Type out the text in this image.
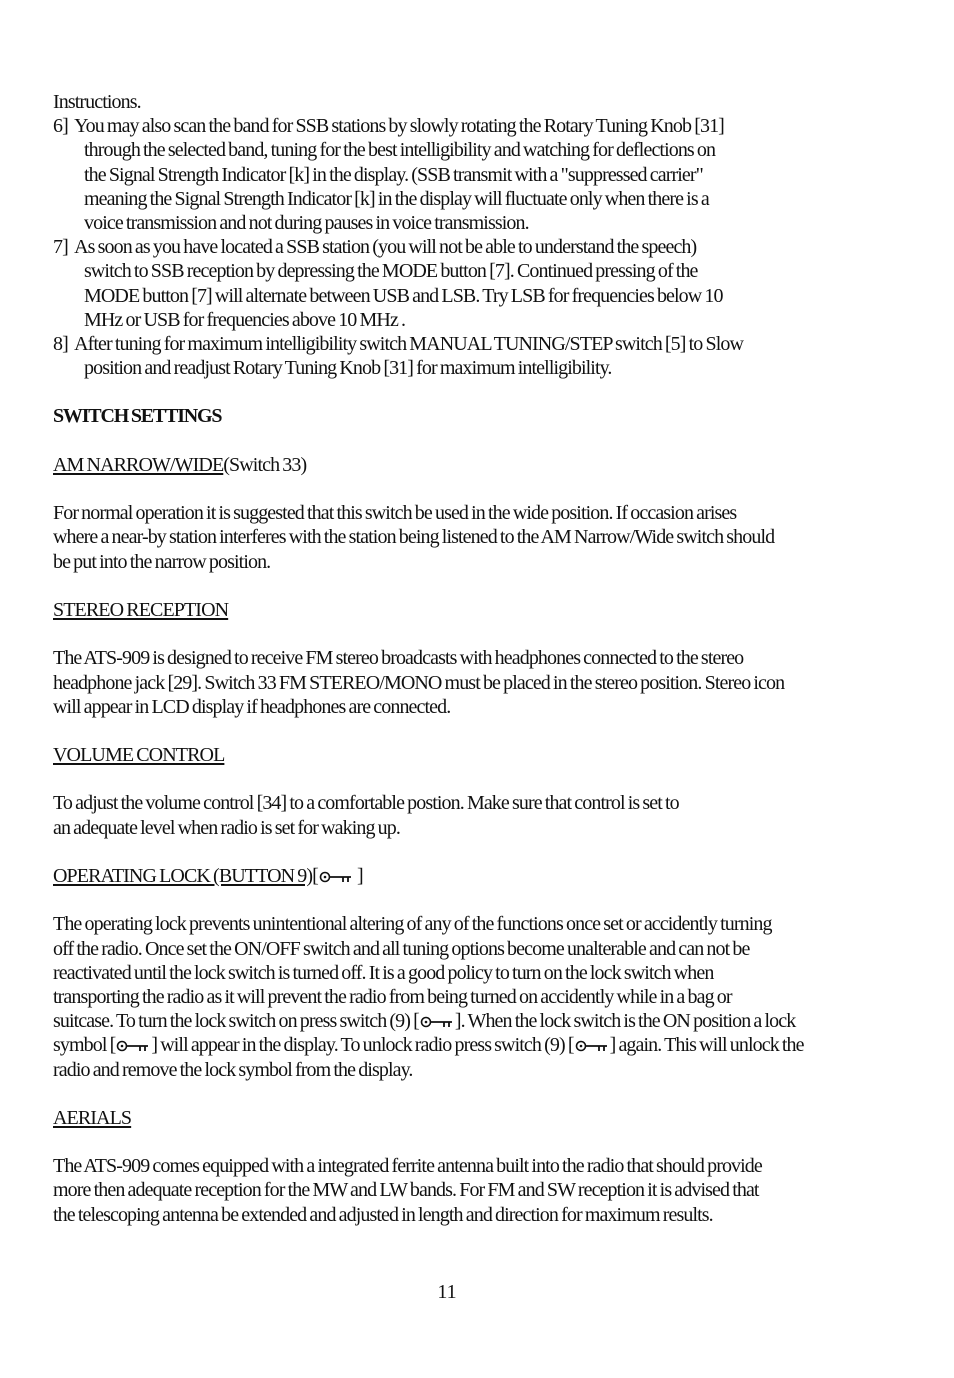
Instructions.
6] You may also scan the band for SSB stations by slowly rotating the Rotary Tuning Knob [31]
through the selected band, tuning for the best intelligibility and watching for deflections on
the Signal Strength Indicator [k] in the display. (SSB transmit with a "suppressed carrier"
meaning the Signal Strength Indicator [k] in the display will fluctuate only when there is a
voice transmission and not during pauses in voice transmission.
7] As soon as you have located a SSB station (you will not be able to understand the speech)
switch to SSB reception by depressing the MODE button [7]. Continued pressing of the
MODE button [7] will alternate between USB and LSB. Try LSB for frequencies below 10
MHz or USB for frequencies above 10 MHz .
8] After tuning for maximum intelligibility switch MANUAL TUNING/STEP switch [5] to Slow
position and readjust Rotary Tuning Knob [31] for maximum intelligibility.
SWITCH SETTINGS
AM NARROW/WIDE(Switch 33)
For normal operation it is suggested that this switch be used in the wide position. If occasion arises
where a near-by station interferes with the station being listened to the AM Narrow/Wide switch should
be put into the narrow position.
STEREO RECEPTION
The ATS-909 is designed to receive FM stereo broadcasts with headphones connected to the stereo
headphone jack [29]. Switch 33 FM STEREO/MONO must be placed in the stereo position. Stereo icon
will appear in LCD display if headphones are connected.
VOLUME CONTROL
To adjust the volume control [34] to a comfortable postion. Make sure that control is set to
an adequate level when radio is set for waking up.
OPERATING LOCK (BUTTON 9)[
]
The operating lock prevents unintentional altering of any of the functions once set or accidently turning
off the radio. Once set the ON/OFF switch and all tuning options become unalterable and can not be
reactivated until the lock switch is turned off. It is a good policy to turn on the lock switch when
transporting the radio as it will prevent the radio from being turned on accidently while in a bag or
suitcase. To turn the lock switch on press switch (9) [ ]. When the lock switch is the ON position a lock
symbol [ ] will appear in the display. To unlock radio press switch (9) [ ] again. This will unlock the
radio and remove the lock symbol from the display.
AERIALS
The ATS-909 comes equipped with a integrated ferrite antenna built into the radio that should provide
more then adequate reception for the MW and LW bands. For FM and SW reception it is advised that
the telescoping antenna be extended and adjusted in length and direction for maximum results.
11
